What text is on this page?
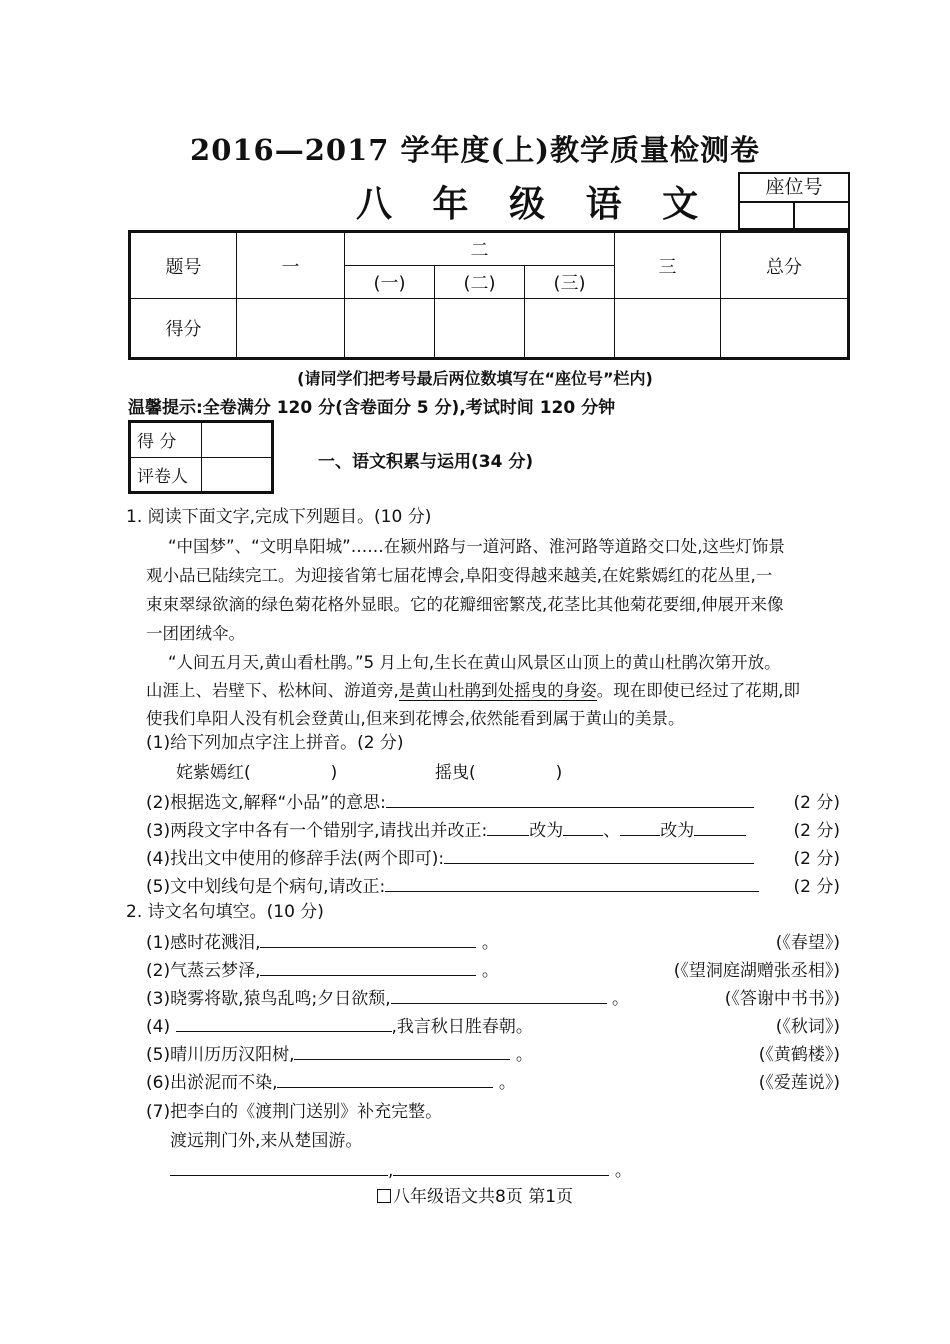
2016—2017 学年度(上)教学质量检测卷
八 年 级 语 文	座位号
题号	一	二			三	总分
		(一)	(二)	(三)		
得分						
(请同学们把考号最后两位数填写在“座位号”栏内)
温馨提示:全卷满分 120 分(含卷面分 5 分),考试时间 120 分钟
得 分	
评卷人	
一、语文积累与运用(34 分)
1. 阅读下面文字,完成下列题目。(10 分)
“中国梦”、“文明阜阳城”……在颍州路与一道河路、淮河路等道路交口处,这些灯饰景
观小品已陆续完工。为迎接省第七届花博会,阜阳变得越来越美,在姹紫嫣红的花丛里,一
束束翠绿欲滴的绿色菊花格外显眼。它的花瓣细密繁茂,花茎比其他菊花要细,伸展开来像
一团团绒伞。
“人间五月天,黄山看杜鹃。”5 月上旬,生长在黄山风景区山顶上的黄山杜鹃次第开放。
山涯上、岩壁下、松林间、游道旁,是黄山杜鹃到处摇曳的身姿。现在即使已经过了花期,即
使我们阜阳人没有机会登黄山,但来到花博会,依然能看到属于黄山的美景。
(1)给下列加点字注上拼音。(2 分)
姹紫嫣红(	)	摇曳(	)
(2)根据选文,解释“小品”的意思:	(2 分)
(3)两段文字中各有一个错别字,请找出并改正: 改为 、 改为	(2 分)
(4)找出文中使用的修辞手法(两个即可):	(2 分)
(5)文中划线句是个病句,请改正:	(2 分)
2. 诗文名句填空。(10 分)
(1)感时花溅泪,	。	(《春望》)
(2)气蒸云梦泽,	。	(《望洞庭湖赠张丞相》)
(3)晓雾将歇,猿鸟乱鸣;夕日欲颓,	。	(《答谢中书书》)
(4)	,我言秋日胜春朝。	(《秋词》)
(5)晴川历历汉阳树,	。	(《黄鹤楼》)
(6)出淤泥而不染,	。	(《爱莲说》)
(7)把李白的《渡荆门送别》补充完整。
渡远荆门外,来从楚国游。
,	。
八年级语文共8页 第1页
